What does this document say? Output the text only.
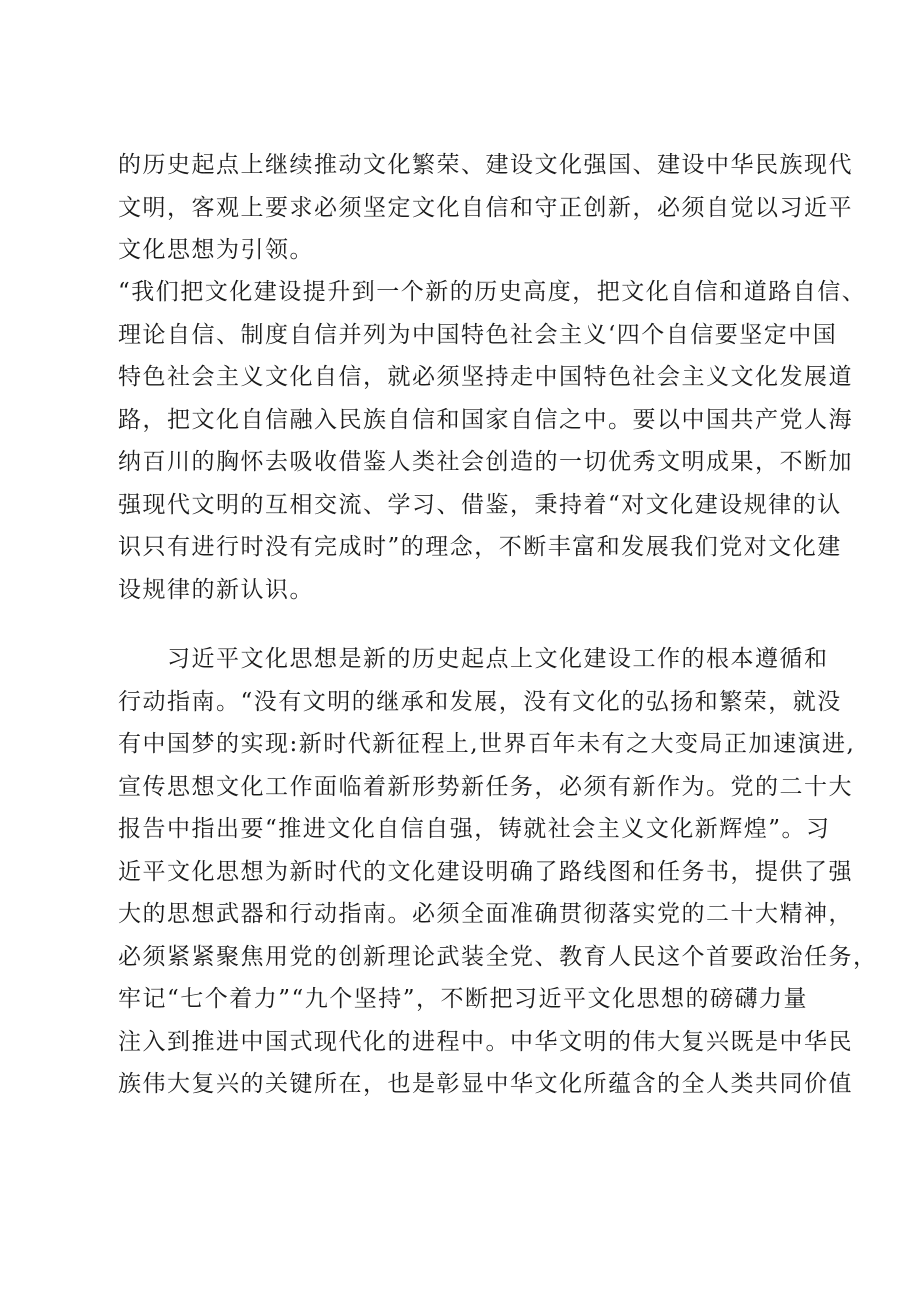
的历史起点上继续推动文化繁荣、建设文化强国、建设中华民族现代
文明，客观上要求必须坚定文化自信和守正创新，必须自觉以习近平
文化思想为引领。
“我们把文化建设提升到一个新的历史高度，把文化自信和道路自信、
理论自信、制度自信并列为中国特色社会主义‘四个自信要坚定中国
特色社会主义文化自信，就必须坚持走中国特色社会主义文化发展道
路，把文化自信融入民族自信和国家自信之中。要以中国共产党人海
纳百川的胸怀去吸收借鉴人类社会创造的一切优秀文明成果，不断加
强现代文明的互相交流、学习、借鉴，秉持着“对文化建设规律的认
识只有进行时没有完成时”的理念，不断丰富和发展我们党对文化建
设规律的新认识。
　　习近平文化思想是新的历史起点上文化建设工作的根本遵循和
行动指南。“没有文明的继承和发展，没有文化的弘扬和繁荣，就没
有中国梦的实现:新时代新征程上,世界百年未有之大变局正加速演进,
宣传思想文化工作面临着新形势新任务，必须有新作为。党的二十大
报告中指出要“推进文化自信自强，铸就社会主义文化新辉煌”。习
近平文化思想为新时代的文化建设明确了路线图和任务书，提供了强
大的思想武器和行动指南。必须全面准确贯彻落实党的二十大精神，
必须紧紧聚焦用党的创新理论武装全党、教育人民这个首要政治任务，
牢记“七个着力”“九个坚持”，不断把习近平文化思想的磅礴力量
注入到推进中国式现代化的进程中。中华文明的伟大复兴既是中华民
族伟大复兴的关键所在，也是彰显中华文化所蕴含的全人类共同价值
